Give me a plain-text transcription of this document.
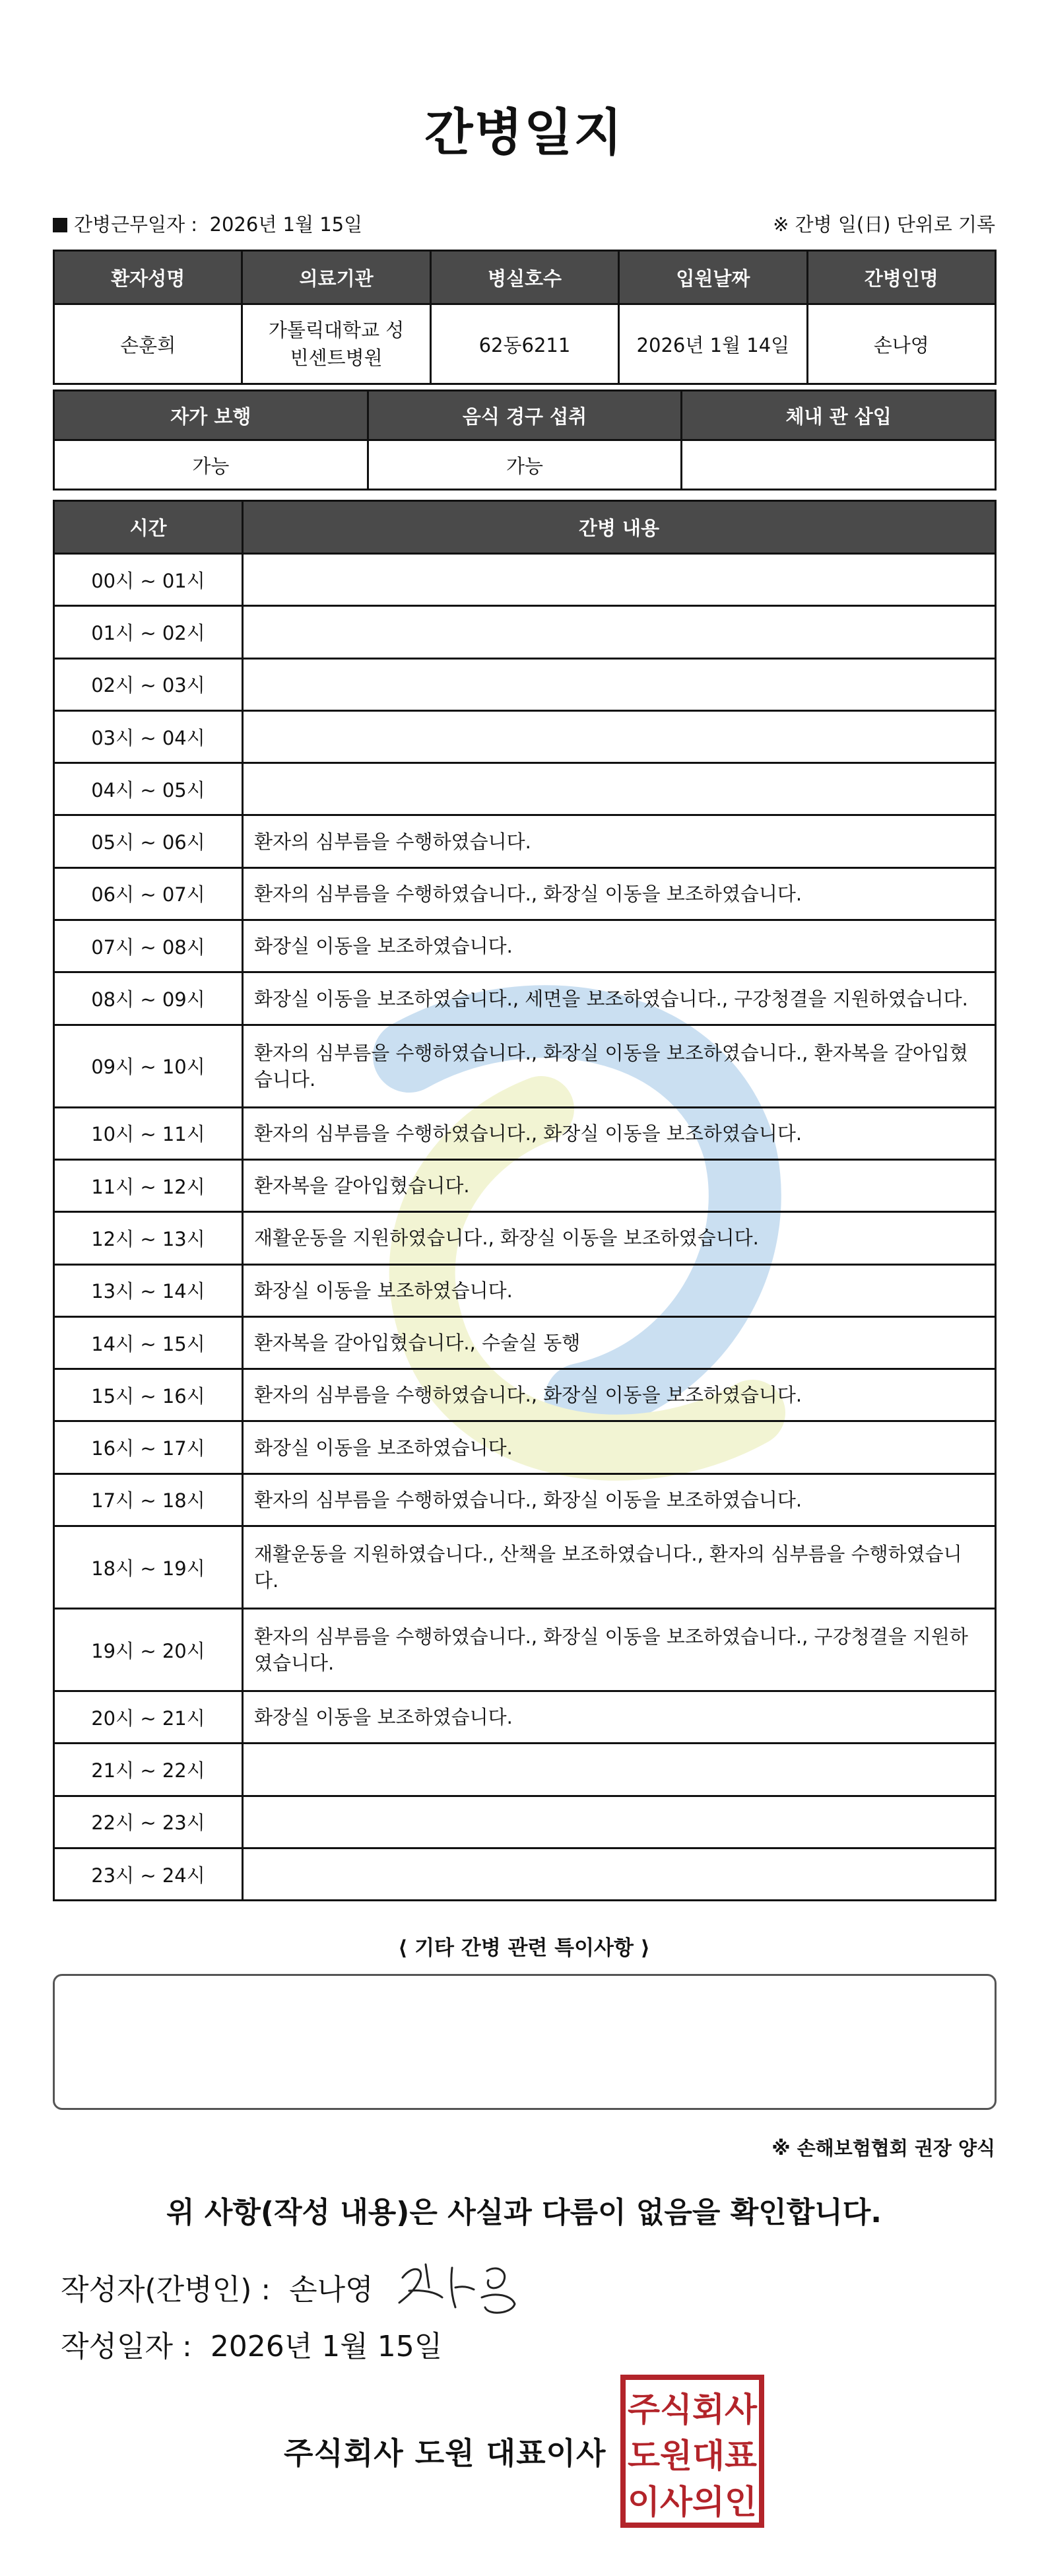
간병일지
간병근무일자 : 2026년 1월 15일	※ 간병 일(日) 단위로 기록
환자성명	의료기관	병실호수	입원날짜	간병인명
손훈희	가톨릭대학교 성빈센트병원	62동6211	2026년 1월 14일	손나영
자가 보행	음식 경구 섭취	체내 관 삽입
가능	가능	
시간	간병 내용
00시 ~ 01시	
01시 ~ 02시	
02시 ~ 03시	
03시 ~ 04시	
04시 ~ 05시	
05시 ~ 06시	환자의 심부름을 수행하였습니다.
06시 ~ 07시	환자의 심부름을 수행하였습니다., 화장실 이동을 보조하였습니다.
07시 ~ 08시	화장실 이동을 보조하였습니다.
08시 ~ 09시	화장실 이동을 보조하였습니다., 세면을 보조하였습니다., 구강청결을 지원하였습니다.
09시 ~ 10시	환자의 심부름을 수행하였습니다., 화장실 이동을 보조하였습니다., 환자복을 갈아입혔습니다.
10시 ~ 11시	환자의 심부름을 수행하였습니다., 화장실 이동을 보조하였습니다.
11시 ~ 12시	환자복을 갈아입혔습니다.
12시 ~ 13시	재활운동을 지원하였습니다., 화장실 이동을 보조하였습니다.
13시 ~ 14시	화장실 이동을 보조하였습니다.
14시 ~ 15시	환자복을 갈아입혔습니다., 수술실 동행
15시 ~ 16시	환자의 심부름을 수행하였습니다., 화장실 이동을 보조하였습니다.
16시 ~ 17시	화장실 이동을 보조하였습니다.
17시 ~ 18시	환자의 심부름을 수행하였습니다., 화장실 이동을 보조하였습니다.
18시 ~ 19시	재활운동을 지원하였습니다., 산책을 보조하였습니다., 환자의 심부름을 수행하였습니다.
19시 ~ 20시	환자의 심부름을 수행하였습니다., 화장실 이동을 보조하였습니다., 구강청결을 지원하였습니다.
20시 ~ 21시	화장실 이동을 보조하였습니다.
21시 ~ 22시	
22시 ~ 23시	
23시 ~ 24시	
⟨ 기타 간병 관련 특이사항 ⟩
※ 손해보험협회 권장 양식
위 사항(작성 내용)은 사실과 다름이 없음을 확인합니다.
작성자(간병인) : 손나영
작성일자 : 2026년 1월 15일
주식회사 도원 대표이사
주식회사
도원대표
이사의인
